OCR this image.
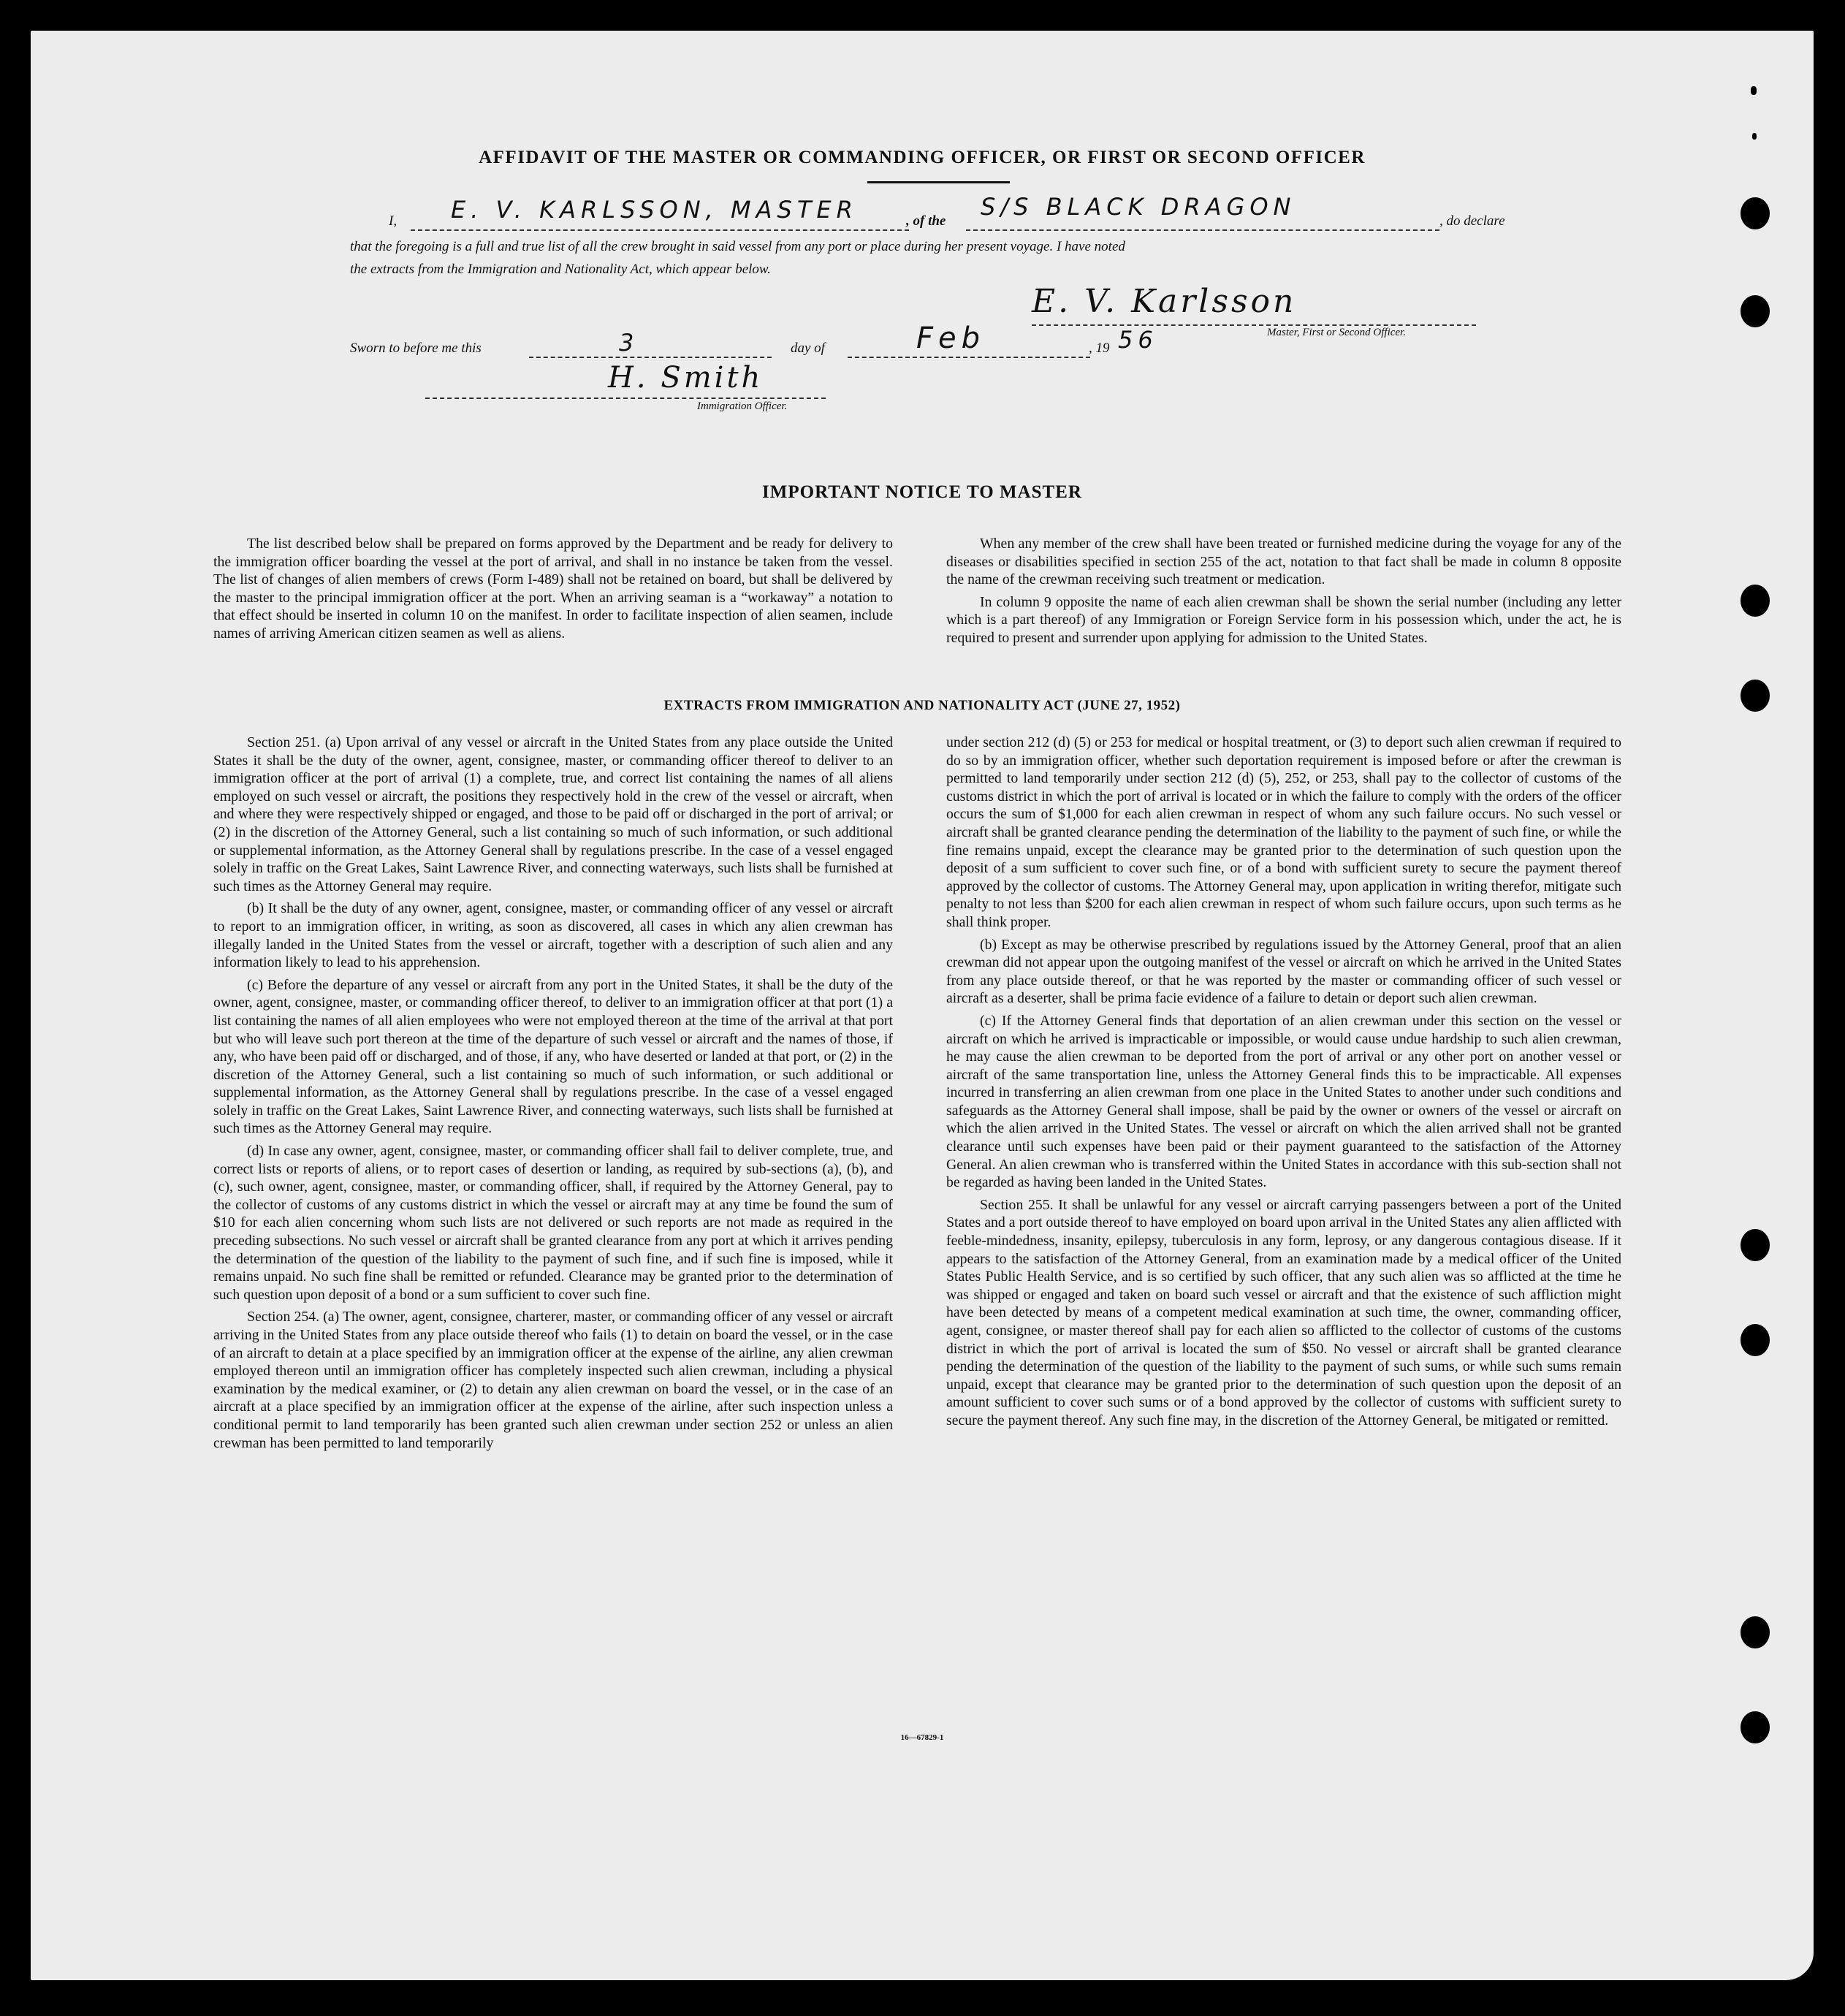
AFFIDAVIT OF THE MASTER OR COMMANDING OFFICER, OR FIRST OR SECOND OFFICER
I, E. V. KARLSSON, MASTER	, of the
S/S BLACK DRAGON
, do declare
that the foregoing is a full and true list of all the crew brought in said vessel from any port or place during her present voyage. I have noted
the extracts from the Immigration and Nationality Act, which appear below.
E. V. Karlsson
Master, First or Second Officer.
Sworn to before me this	3	day of	Feb	, 19 56
H. Smith
Immigration Officer.
IMPORTANT NOTICE TO MASTER

The list described below shall be prepared on forms approved by the Department and be ready for delivery to the immigration officer boarding the vessel at the port of arrival, and shall in no instance be taken from the vessel. The list of changes of alien members of crews (Form I-489) shall not be retained on board, but shall be delivered by the master to the principal immigration officer at the port. When an arriving seaman is a “workaway” a notation to that effect should be inserted in column 10 on the manifest. In order to facilitate inspection of alien seamen, include names of arriving American citizen seamen as well as aliens.

When any member of the crew shall have been treated or furnished medicine during the voyage for any of the diseases or disabilities specified in section 255 of the act, notation to that fact shall be made in column 8 opposite the name of the crewman receiving such treatment or medication.

In column 9 opposite the name of each alien crewman shall be shown the serial number (including any letter which is a part thereof) of any Immigration or Foreign Service form in his possession which, under the act, he is required to present and surrender upon applying for admission to the United States.

EXTRACTS FROM IMMIGRATION AND NATIONALITY ACT (JUNE 27, 1952)

Section 251. (a) Upon arrival of any vessel or aircraft in the United States from any place outside the United States it shall be the duty of the owner, agent, consignee, master, or commanding officer thereof to deliver to an immigration officer at the port of arrival (1) a complete, true, and correct list containing the names of all aliens employed on such vessel or aircraft, the positions they respectively hold in the crew of the vessel or aircraft, when and where they were respectively shipped or engaged, and those to be paid off or discharged in the port of arrival; or (2) in the discretion of the Attorney General, such a list containing so much of such information, or such additional or supplemental information, as the Attorney General shall by regulations prescribe. In the case of a vessel engaged solely in traffic on the Great Lakes, Saint Lawrence River, and connecting waterways, such lists shall be furnished at such times as the Attorney General may require.

(b) It shall be the duty of any owner, agent, consignee, master, or commanding officer of any vessel or aircraft to report to an immigration officer, in writing, as soon as discovered, all cases in which any alien crewman has illegally landed in the United States from the vessel or aircraft, together with a description of such alien and any information likely to lead to his apprehension.

(c) Before the departure of any vessel or aircraft from any port in the United States, it shall be the duty of the owner, agent, consignee, master, or commanding officer thereof, to deliver to an immigration officer at that port (1) a list containing the names of all alien employees who were not employed thereon at the time of the arrival at that port but who will leave such port thereon at the time of the departure of such vessel or aircraft and the names of those, if any, who have been paid off or discharged, and of those, if any, who have deserted or landed at that port, or (2) in the discretion of the Attorney General, such a list containing so much of such information, or such additional or supplemental information, as the Attorney General shall by regulations prescribe. In the case of a vessel engaged solely in traffic on the Great Lakes, Saint Lawrence River, and connecting waterways, such lists shall be furnished at such times as the Attorney General may require.

(d) In case any owner, agent, consignee, master, or commanding officer shall fail to deliver complete, true, and correct lists or reports of aliens, or to report cases of desertion or landing, as required by sub-sections (a), (b), and (c), such owner, agent, consignee, master, or commanding officer, shall, if required by the Attorney General, pay to the collector of customs of any customs district in which the vessel or aircraft may at any time be found the sum of $10 for each alien concerning whom such lists are not delivered or such reports are not made as required in the preceding subsections. No such vessel or aircraft shall be granted clearance from any port at which it arrives pending the determination of the question of the liability to the payment of such fine, and if such fine is imposed, while it remains unpaid. No such fine shall be remitted or refunded. Clearance may be granted prior to the determination of such question upon deposit of a bond or a sum sufficient to cover such fine.

Section 254. (a) The owner, agent, consignee, charterer, master, or commanding officer of any vessel or aircraft arriving in the United States from any place outside thereof who fails (1) to detain on board the vessel, or in the case of an aircraft to detain at a place specified by an immigration officer at the expense of the airline, any alien crewman employed thereon until an immigration officer has completely inspected such alien crewman, including a physical examination by the medical examiner, or (2) to detain any alien crewman on board the vessel, or in the case of an aircraft at a place specified by an immigration officer at the expense of the airline, after such inspection unless a conditional permit to land temporarily has been granted such alien crewman under section 252 or unless an alien crewman has been permitted to land temporarily

under section 212 (d) (5) or 253 for medical or hospital treatment, or (3) to deport such alien crewman if required to do so by an immigration officer, whether such deportation requirement is imposed before or after the crewman is permitted to land temporarily under section 212 (d) (5), 252, or 253, shall pay to the collector of customs of the customs district in which the port of arrival is located or in which the failure to comply with the orders of the officer occurs the sum of $1,000 for each alien crewman in respect of whom any such failure occurs. No such vessel or aircraft shall be granted clearance pending the determination of the liability to the payment of such fine, or while the fine remains unpaid, except the clearance may be granted prior to the determination of such question upon the deposit of a sum sufficient to cover such fine, or of a bond with sufficient surety to secure the payment thereof approved by the collector of customs. The Attorney General may, upon application in writing therefor, mitigate such penalty to not less than $200 for each alien crewman in respect of whom such failure occurs, upon such terms as he shall think proper.

(b) Except as may be otherwise prescribed by regulations issued by the Attorney General, proof that an alien crewman did not appear upon the outgoing manifest of the vessel or aircraft on which he arrived in the United States from any place outside thereof, or that he was reported by the master or commanding officer of such vessel or aircraft as a deserter, shall be prima facie evidence of a failure to detain or deport such alien crewman.

(c) If the Attorney General finds that deportation of an alien crewman under this section on the vessel or aircraft on which he arrived is impracticable or impossible, or would cause undue hardship to such alien crewman, he may cause the alien crewman to be deported from the port of arrival or any other port on another vessel or aircraft of the same transportation line, unless the Attorney General finds this to be impracticable. All expenses incurred in transferring an alien crewman from one place in the United States to another under such conditions and safeguards as the Attorney General shall impose, shall be paid by the owner or owners of the vessel or aircraft on which the alien arrived in the United States. The vessel or aircraft on which the alien arrived shall not be granted clearance until such expenses have been paid or their payment guaranteed to the satisfaction of the Attorney General. An alien crewman who is transferred within the United States in accordance with this sub-section shall not be regarded as having been landed in the United States.

Section 255. It shall be unlawful for any vessel or aircraft carrying passengers between a port of the United States and a port outside thereof to have employed on board upon arrival in the United States any alien afflicted with feeble-mindedness, insanity, epilepsy, tuberculosis in any form, leprosy, or any dangerous contagious disease. If it appears to the satisfaction of the Attorney General, from an examination made by a medical officer of the United States Public Health Service, and is so certified by such officer, that any such alien was so afflicted at the time he was shipped or engaged and taken on board such vessel or aircraft and that the existence of such affliction might have been detected by means of a competent medical examination at such time, the owner, commanding officer, agent, consignee, or master thereof shall pay for each alien so afflicted to the collector of customs of the customs district in which the port of arrival is located the sum of $50. No vessel or aircraft shall be granted clearance pending the determination of the question of the liability to the payment of such sums, or while such sums remain unpaid, except that clearance may be granted prior to the determination of such question upon the deposit of an amount sufficient to cover such sums or of a bond approved by the collector of customs with sufficient surety to secure the payment thereof. Any such fine may, in the discretion of the Attorney General, be mitigated or remitted.

16—67829-1
